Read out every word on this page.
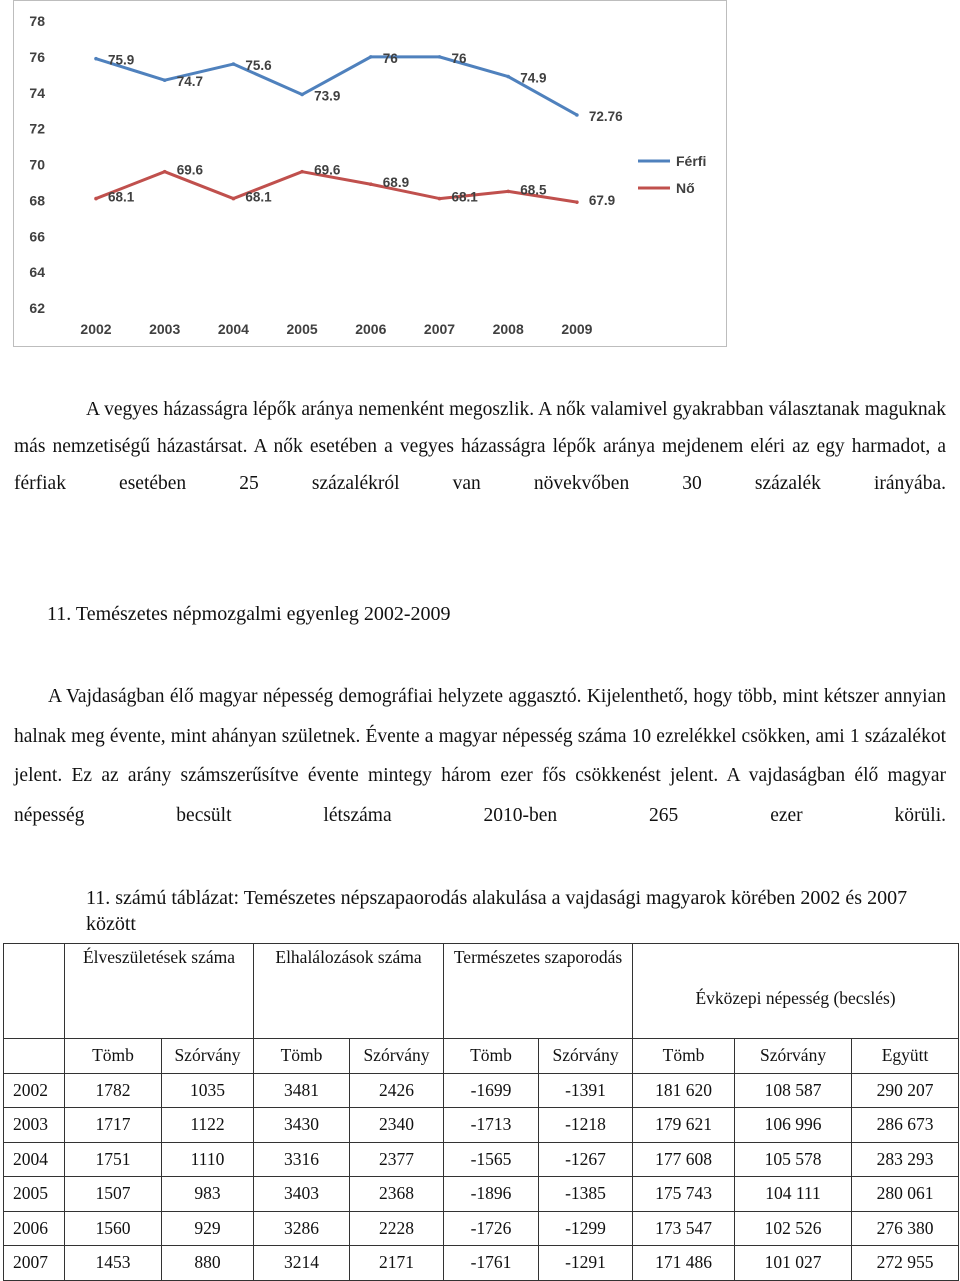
78
76
74
72
70
68
66
64
62
2002	2003	2004	2005	2006	2007	2008	2009
75.9
74.7
75.6
73.9
76	76
74.9
72.76
Férfi
68.1
69.6
68.1
69.6
68.9
68.1	68.5
67.9
Nő

A vegyes házasságra lépők aránya nemenként megoszlik. A nők valamivel gyakrabban választanak maguknak más nemzetiségű házastársat. A nők esetében a vegyes házasságra lépők aránya mejdenem eléri az egy harmadot, a férfiak esetében 25 százalékról van növekvőben 30 százalék irányába.

11. Temészetes népmozgalmi egyenleg 2002-2009

A Vajdaságban élő magyar népesség demográfiai helyzete aggasztó. Kijelenthető, hogy több, mint kétszer annyian halnak meg évente, mint ahányan születnek. Évente a magyar népesség száma 10 ezrelékkel csökken, ami 1 százalékot jelent. Ez az arány számszerűsítve évente mintegy három ezer fős csökkenést jelent. A vajdaságban élő magyar népesség becsült létszáma 2010-ben 265 ezer körüli.

11. számú táblázat: Temészetes népszapaorodás alakulása a vajdasági magyarok körében 2002 és 2007 között

	Élveszületések száma		Elhalálozások száma		Természetes szaporodás		Évközepi népesség (becslés)		
	Tömb	Szórvány	Tömb	Szórvány	Tömb	Szórvány	Tömb	Szórvány	Együtt
2002	1782	1035	3481	2426	-1699	-1391	181 620	108 587	290 207
2003	1717	1122	3430	2340	-1713	-1218	179 621	106 996	286 673
2004	1751	1110	3316	2377	-1565	-1267	177 608	105 578	283 293
2005	1507	983	3403	2368	-1896	-1385	175 743	104 111	280 061
2006	1560	929	3286	2228	-1726	-1299	173 547	102 526	276 380
2007	1453	880	3214	2171	-1761	-1291	171 486	101 027	272 955
